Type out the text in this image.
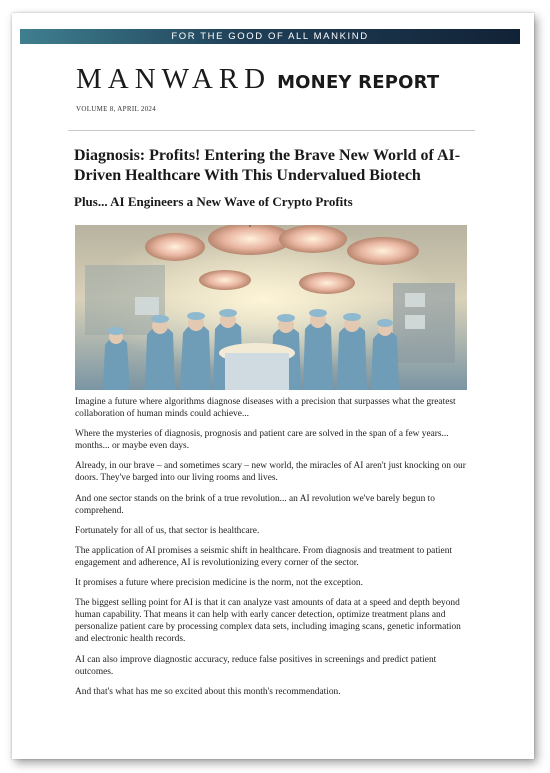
FOR THE GOOD OF ALL MANKIND
MANWARD MONEY REPORT
VOLUME 8, APRIL 2024
Diagnosis: Profits! Entering the Brave New World of AI-Driven Healthcare With This Undervalued Biotech
Plus... AI Engineers a New Wave of Crypto Profits

Imagine a future where algorithms diagnose diseases with a precision that surpasses what the greatest collaboration of human minds could achieve...

Where the mysteries of diagnosis, prognosis and patient care are solved in the span of a few years... months... or maybe even days.

Already, in our brave – and sometimes scary – new world, the miracles of AI aren't just knocking on our doors. They've barged into our living rooms and lives.

And one sector stands on the brink of a true revolution... an AI revolution we've barely begun to comprehend.

Fortunately for all of us, that sector is healthcare.

The application of AI promises a seismic shift in healthcare. From diagnosis and treatment to patient engagement and adherence, AI is revolutionizing every corner of the sector.

It promises a future where precision medicine is the norm, not the exception.

The biggest selling point for AI is that it can analyze vast amounts of data at a speed and depth beyond human capability. That means it can help with early cancer detection, optimize treatment plans and personalize patient care by processing complex data sets, including imaging scans, genetic information and electronic health records.

AI can also improve diagnostic accuracy, reduce false positives in screenings and predict patient outcomes.

And that's what has me so excited about this month's recommendation.
